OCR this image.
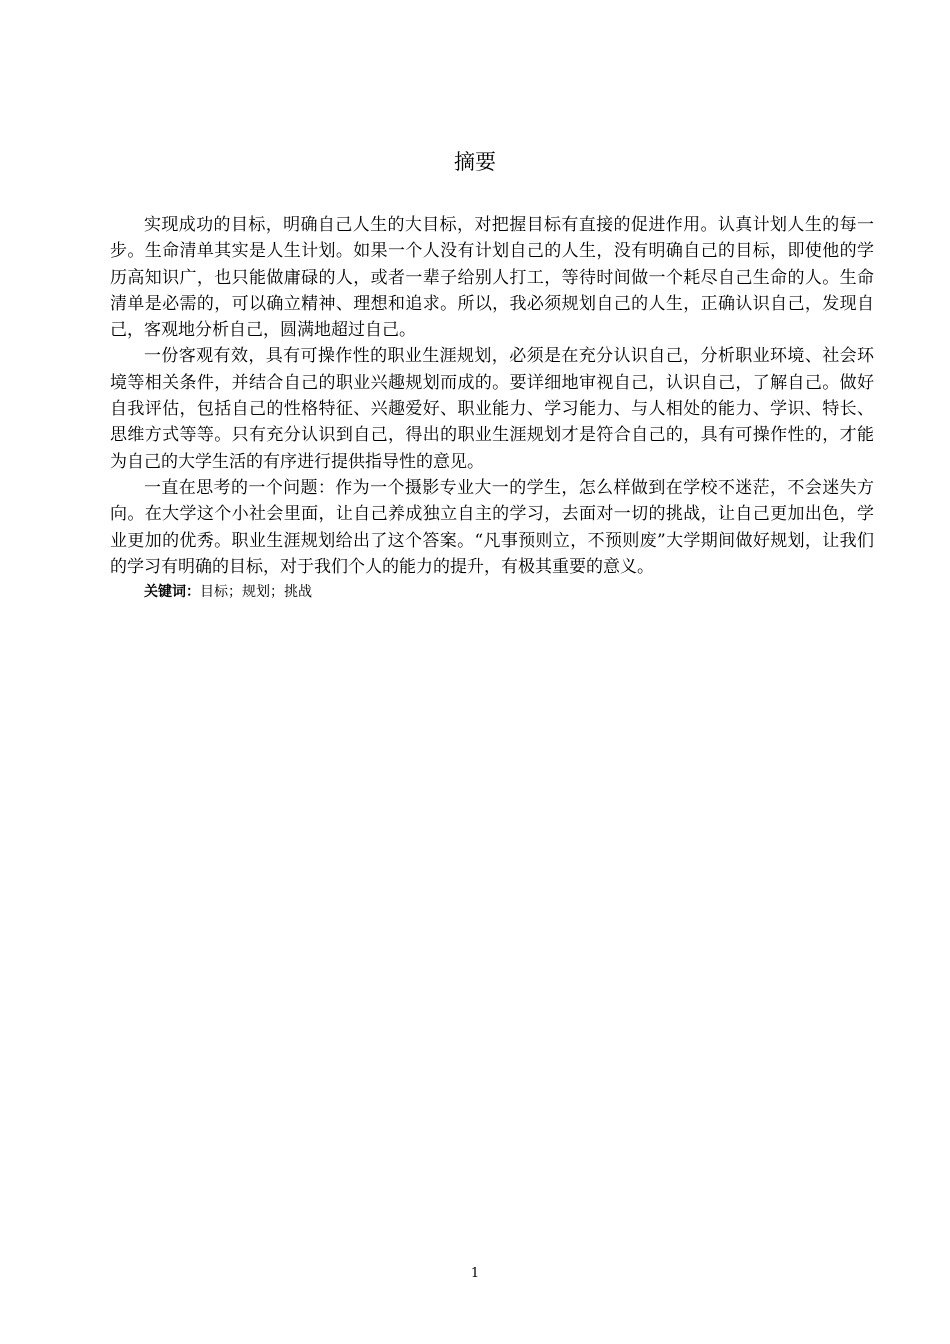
摘要

实现成功的目标，明确自己人生的大目标，对把握目标有直接的促进作用。认真计划人生的每一步。生命清单其实是人生计划。如果一个人没有计划自己的人生，没有明确自己的目标，即使他的学历高知识广，也只能做庸碌的人，或者一辈子给别人打工，等待时间做一个耗尽自己生命的人。生命清单是必需的，可以确立精神、理想和追求。所以，我必须规划自己的人生，正确认识自己，发现自己，客观地分析自己，圆满地超过自己。

一份客观有效，具有可操作性的职业生涯规划，必须是在充分认识自己，分析职业环境、社会环境等相关条件，并结合自己的职业兴趣规划而成的。要详细地审视自己，认识自己，了解自己。做好自我评估，包括自己的性格特征、兴趣爱好、职业能力、学习能力、与人相处的能力、学识、特长、思维方式等等。只有充分认识到自己，得出的职业生涯规划才是符合自己的，具有可操作性的，才能为自己的大学生活的有序进行提供指导性的意见。

一直在思考的一个问题：作为一个摄影专业大一的学生，怎么样做到在学校不迷茫，不会迷失方向。在大学这个小社会里面，让自己养成独立自主的学习，去面对一切的挑战，让自己更加出色，学业更加的优秀。职业生涯规划给出了这个答案。“凡事预则立，不预则废”大学期间做好规划，让我们的学习有明确的目标，对于我们个人的能力的提升，有极其重要的意义。

关键词：目标；规划；挑战

1
